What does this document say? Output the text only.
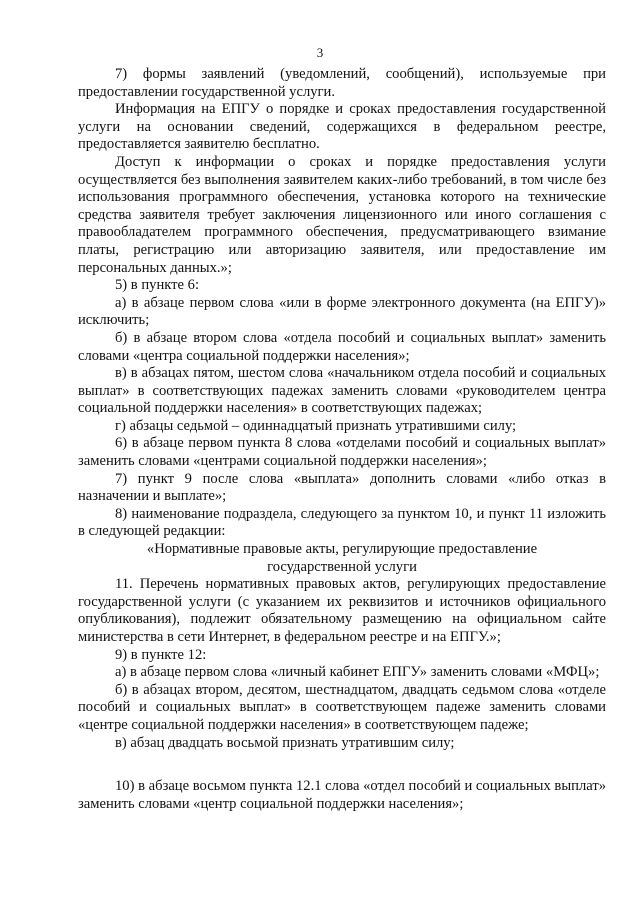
3

7) формы заявлений (уведомлений, сообщений), используемые при предоставлении государственной услуги.

Информация на ЕПГУ о порядке и сроках предоставления государственной услуги на основании сведений, содержащихся в федеральном реестре, предоставляется заявителю бесплатно.

Доступ к информации о сроках и порядке предоставления услуги осуществляется без выполнения заявителем каких-либо требований, в том числе без использования программного обеспечения, установка которого на технические средства заявителя требует заключения лицензионного или иного соглашения с правообладателем программного обеспечения, предусматривающего взимание платы, регистрацию или авторизацию заявителя, или предоставление им персональных данных.»;

5) в пункте 6:

а) в абзаце первом слова «или в форме электронного документа (на ЕПГУ)» исключить;

б) в абзаце втором слова «отдела пособий и социальных выплат» заменить словами «центра социальной поддержки населения»;

в) в абзацах пятом, шестом слова «начальником отдела пособий и социальных выплат» в соответствующих падежах заменить словами «руководителем центра социальной поддержки населения» в соответствующих падежах;

г) абзацы седьмой – одиннадцатый признать утратившими силу;

6) в абзаце первом пункта 8 слова «отделами пособий и социальных выплат» заменить словами «центрами социальной поддержки населения»;

7) пункт 9 после слова «выплата» дополнить словами «либо отказ в назначении и выплате»;

8) наименование подраздела, следующего за пунктом 10, и пункт 11 изложить в следующей редакции:

«Нормативные правовые акты, регулирующие предоставление

государственной услуги

11. Перечень нормативных правовых актов, регулирующих предоставление государственной услуги (с указанием их реквизитов и источников официального опубликования), подлежит обязательному размещению на официальном сайте министерства в сети Интернет, в федеральном реестре и на ЕПГУ.»;

9) в пункте 12:

а) в абзаце первом слова «личный кабинет ЕПГУ» заменить словами «МФЦ»;

б) в абзацах втором, десятом, шестнадцатом, двадцать седьмом слова «отделе пособий и социальных выплат» в соответствующем падеже заменить словами «центре социальной поддержки населения» в соответствующем падеже;

в) абзац двадцать восьмой признать утратившим силу;

10) в абзаце восьмом пункта 12.1 слова «отдел пособий и социальных выплат» заменить словами «центр социальной поддержки населения»;
